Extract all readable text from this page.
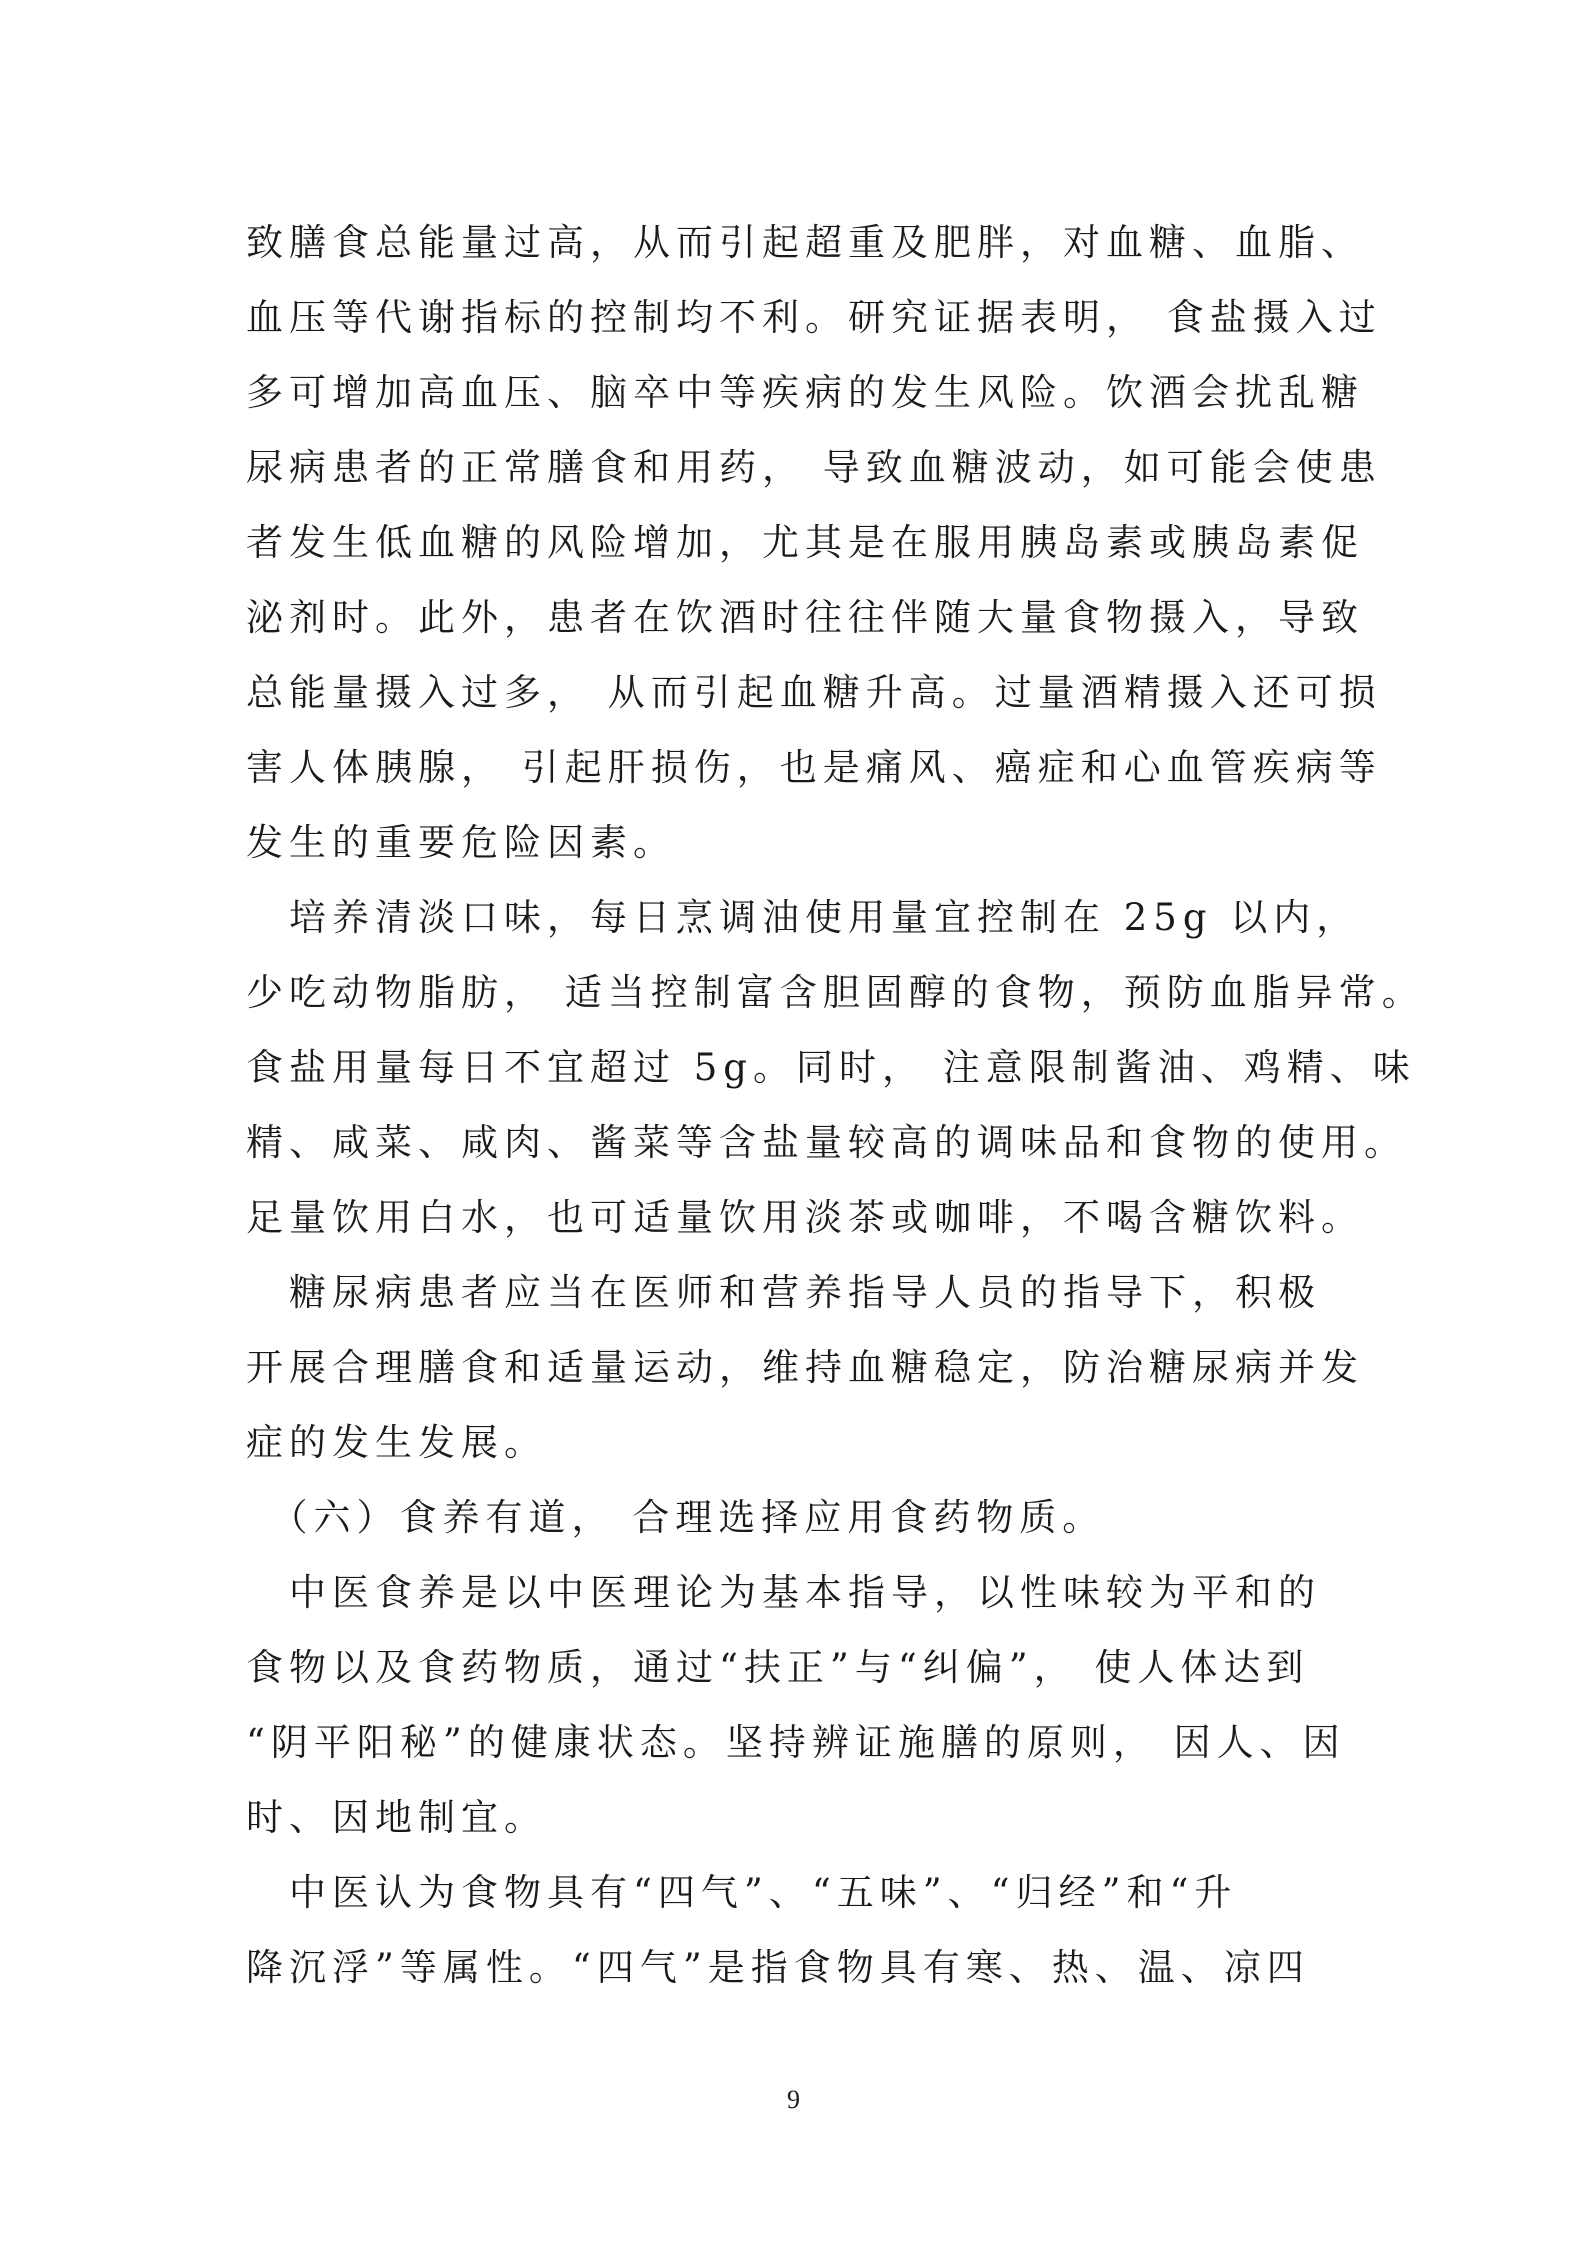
致膳食总能量过高，从而引起超重及肥胖，对血糖、血脂、
血压等代谢指标的控制均不利。研究证据表明， 食盐摄入过
多可增加高血压、脑卒中等疾病的发生风险。饮酒会扰乱糖
尿病患者的正常膳食和用药， 导致血糖波动，如可能会使患
者发生低血糖的风险增加，尤其是在服用胰岛素或胰岛素促
泌剂时。此外，患者在饮酒时往往伴随大量食物摄入，导致
总能量摄入过多， 从而引起血糖升高。过量酒精摄入还可损
害人体胰腺， 引起肝损伤，也是痛风、癌症和心血管疾病等
发生的重要危险因素。
　培养清淡口味，每日烹调油使用量宜控制在 25g 以内，
少吃动物脂肪， 适当控制富含胆固醇的食物，预防血脂异常。
食盐用量每日不宜超过 5g。同时， 注意限制酱油、鸡精、味
精、咸菜、咸肉、酱菜等含盐量较高的调味品和食物的使用。
足量饮用白水，也可适量饮用淡茶或咖啡，不喝含糖饮料。
　糖尿病患者应当在医师和营养指导人员的指导下，积极
开展合理膳食和适量运动，维持血糖稳定，防治糖尿病并发
症的发生发展。
　（六）食养有道， 合理选择应用食药物质。
　中医食养是以中医理论为基本指导，以性味较为平和的
食物以及食药物质，通过“扶正”与“纠偏”， 使人体达到
“阴平阳秘”的健康状态。坚持辨证施膳的原则， 因人、因
时、因地制宜。
　中医认为食物具有“四气”、“五味”、“归经”和“升
降沉浮”等属性。“四气”是指食物具有寒、热、温、凉四
9
